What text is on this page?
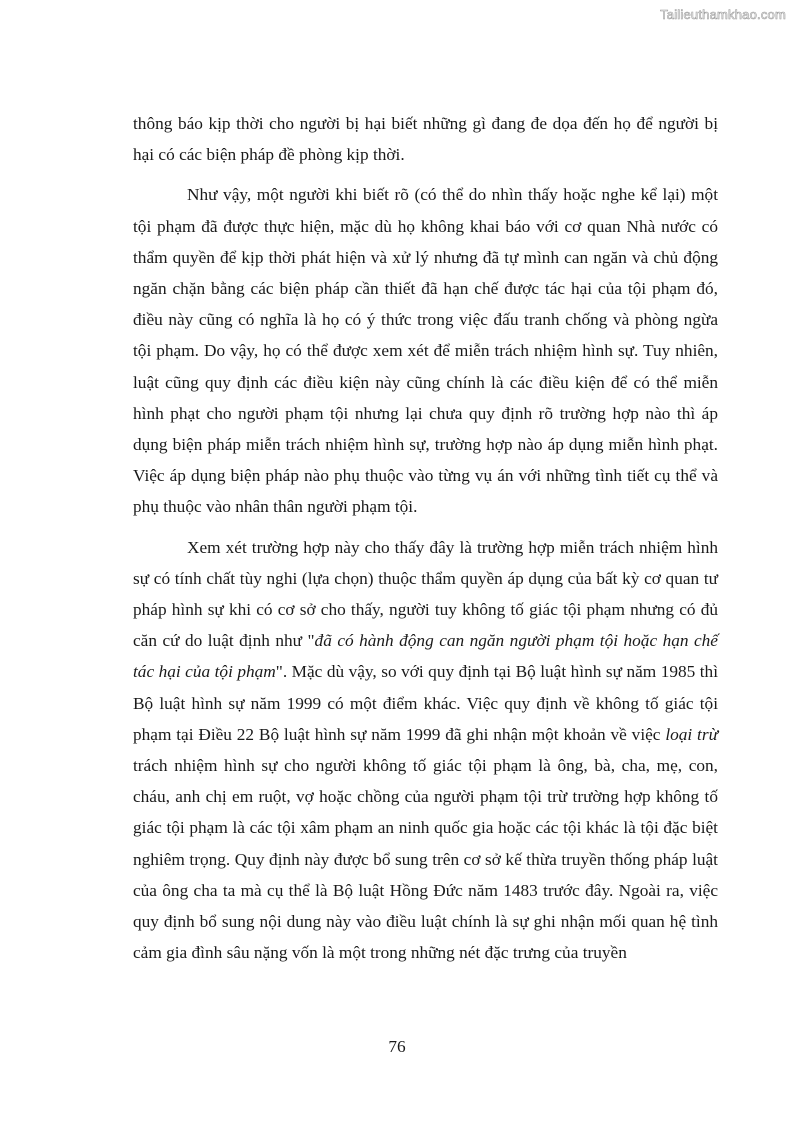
Tailieuthamkhao.com

thông báo kịp thời cho người bị hại biết những gì đang đe dọa đến họ để người bị hại có các biện pháp đề phòng kịp thời.

Như vậy, một người khi biết rõ (có thể do nhìn thấy hoặc nghe kể lại) một tội phạm đã được thực hiện, mặc dù họ không khai báo với cơ quan Nhà nước có thẩm quyền để kịp thời phát hiện và xử lý nhưng đã tự mình can ngăn và chủ động ngăn chặn bằng các biện pháp cần thiết đã hạn chế được tác hại của tội phạm đó, điều này cũng có nghĩa là họ có ý thức trong việc đấu tranh chống và phòng ngừa tội phạm. Do vậy, họ có thể được xem xét để miễn trách nhiệm hình sự. Tuy nhiên, luật cũng quy định các điều kiện này cũng chính là các điều kiện để có thể miễn hình phạt cho người phạm tội nhưng lại chưa quy định rõ trường hợp nào thì áp dụng biện pháp miễn trách nhiệm hình sự, trường hợp nào áp dụng miễn hình phạt. Việc áp dụng biện pháp nào phụ thuộc vào từng vụ án với những tình tiết cụ thể và phụ thuộc vào nhân thân người phạm tội.

Xem xét trường hợp này cho thấy đây là trường hợp miễn trách nhiệm hình sự có tính chất tùy nghi (lựa chọn) thuộc thẩm quyền áp dụng của bất kỳ cơ quan tư pháp hình sự khi có cơ sở cho thấy, người tuy không tố giác tội phạm nhưng có đủ căn cứ do luật định như "đã có hành động can ngăn người phạm tội hoặc hạn chế tác hại của tội phạm". Mặc dù vậy, so với quy định tại Bộ luật hình sự năm 1985 thì Bộ luật hình sự năm 1999 có một điểm khác. Việc quy định về không tố giác tội phạm tại Điều 22 Bộ luật hình sự năm 1999 đã ghi nhận một khoản về việc loại trừ trách nhiệm hình sự cho người không tố giác tội phạm là ông, bà, cha, mẹ, con, cháu, anh chị em ruột, vợ hoặc chồng của người phạm tội trừ trường hợp không tố giác tội phạm là các tội xâm phạm an ninh quốc gia hoặc các tội khác là tội đặc biệt nghiêm trọng. Quy định này được bổ sung trên cơ sở kế thừa truyền thống pháp luật của ông cha ta mà cụ thể là Bộ luật Hồng Đức năm 1483 trước đây. Ngoài ra, việc quy định bổ sung nội dung này vào điều luật chính là sự ghi nhận mối quan hệ tình cảm gia đình sâu nặng vốn là một trong những nét đặc trưng của truyền

76
